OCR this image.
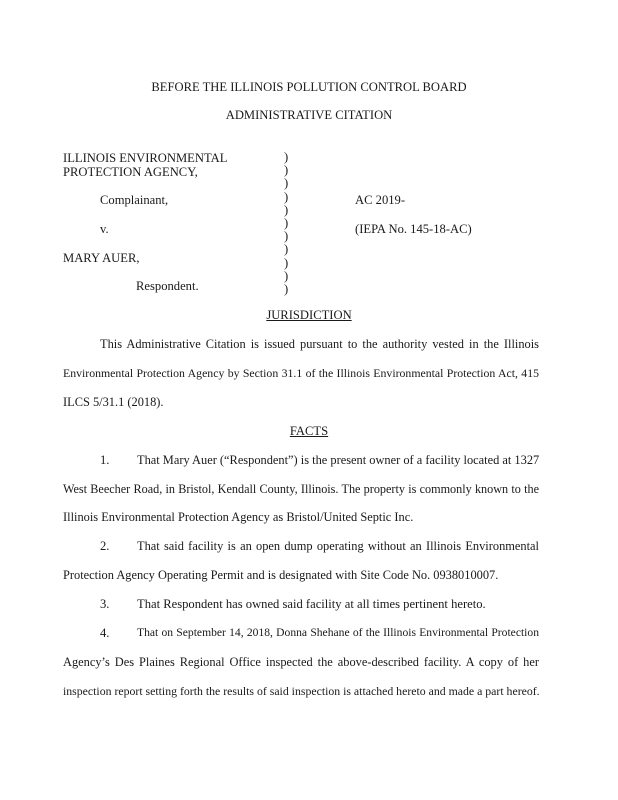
BEFORE THE ILLINOIS POLLUTION CONTROL BOARD
ADMINISTRATIVE CITATION
ILLINOIS ENVIRONMENTAL
PROTECTION AGENCY,
Complainant,
v.
MARY AUER,
Respondent.
)
)
)
)
)
)
)
)
)
)
)
AC 2019-
(IEPA No. 145-18-AC)
JURISDICTION
This Administrative Citation is issued pursuant to the authority vested in the Illinois
Environmental Protection Agency by Section 31.1 of the Illinois Environmental Protection Act, 415
ILCS 5/31.1 (2018).
FACTS
1. That Mary Auer (“Respondent”) is the present owner of a facility located at 1327
West Beecher Road, in Bristol, Kendall County, Illinois. The property is commonly known to the
Illinois Environmental Protection Agency as Bristol/United Septic Inc.
2. That said facility is an open dump operating without an Illinois Environmental
Protection Agency Operating Permit and is designated with Site Code No. 0938010007.
3. That Respondent has owned said facility at all times pertinent hereto.
4. That on September 14, 2018, Donna Shehane of the Illinois Environmental Protection
Agency’s Des Plaines Regional Office inspected the above-described facility. A copy of her
inspection report setting forth the results of said inspection is attached hereto and made a part hereof.
